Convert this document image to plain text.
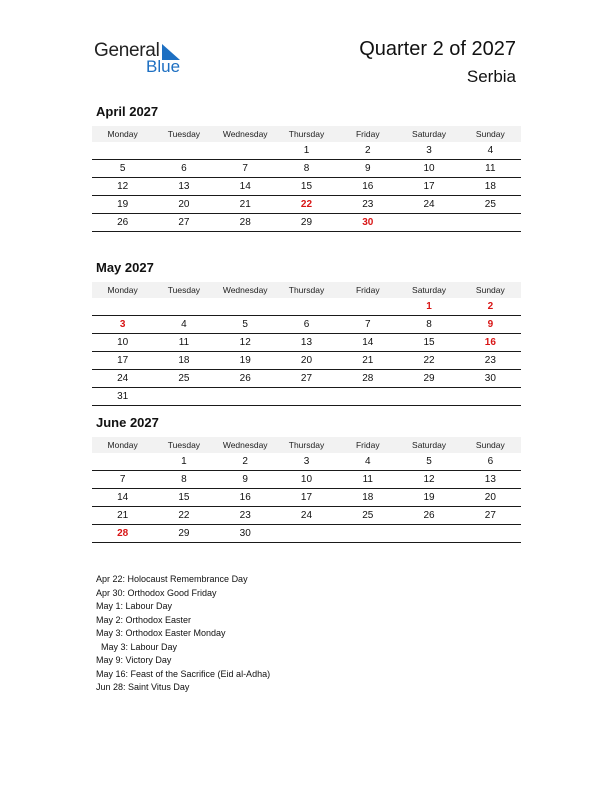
General
Blue
Quarter 2 of 2027
Serbia
April 2027
Monday	Tuesday	Wednesday	Thursday	Friday	Saturday	Sunday
			1	2	3	4
5	6	7	8	9	10	11
12	13	14	15	16	17	18
19	20	21	22	23	24	25
26	27	28	29	30		
May 2027
Monday	Tuesday	Wednesday	Thursday	Friday	Saturday	Sunday
					1	2
3	4	5	6	7	8	9
10	11	12	13	14	15	16
17	18	19	20	21	22	23
24	25	26	27	28	29	30
31						
June 2027
Monday	Tuesday	Wednesday	Thursday	Friday	Saturday	Sunday
	1	2	3	4	5	6
7	8	9	10	11	12	13
14	15	16	17	18	19	20
21	22	23	24	25	26	27
28	29	30				
Apr 22: Holocaust Remembrance Day
Apr 30: Orthodox Good Friday
May 1: Labour Day
May 2: Orthodox Easter
May 3: Orthodox Easter Monday
May 3: Labour Day
May 9: Victory Day
May 16: Feast of the Sacrifice (Eid al-Adha)
Jun 28: Saint Vitus Day
